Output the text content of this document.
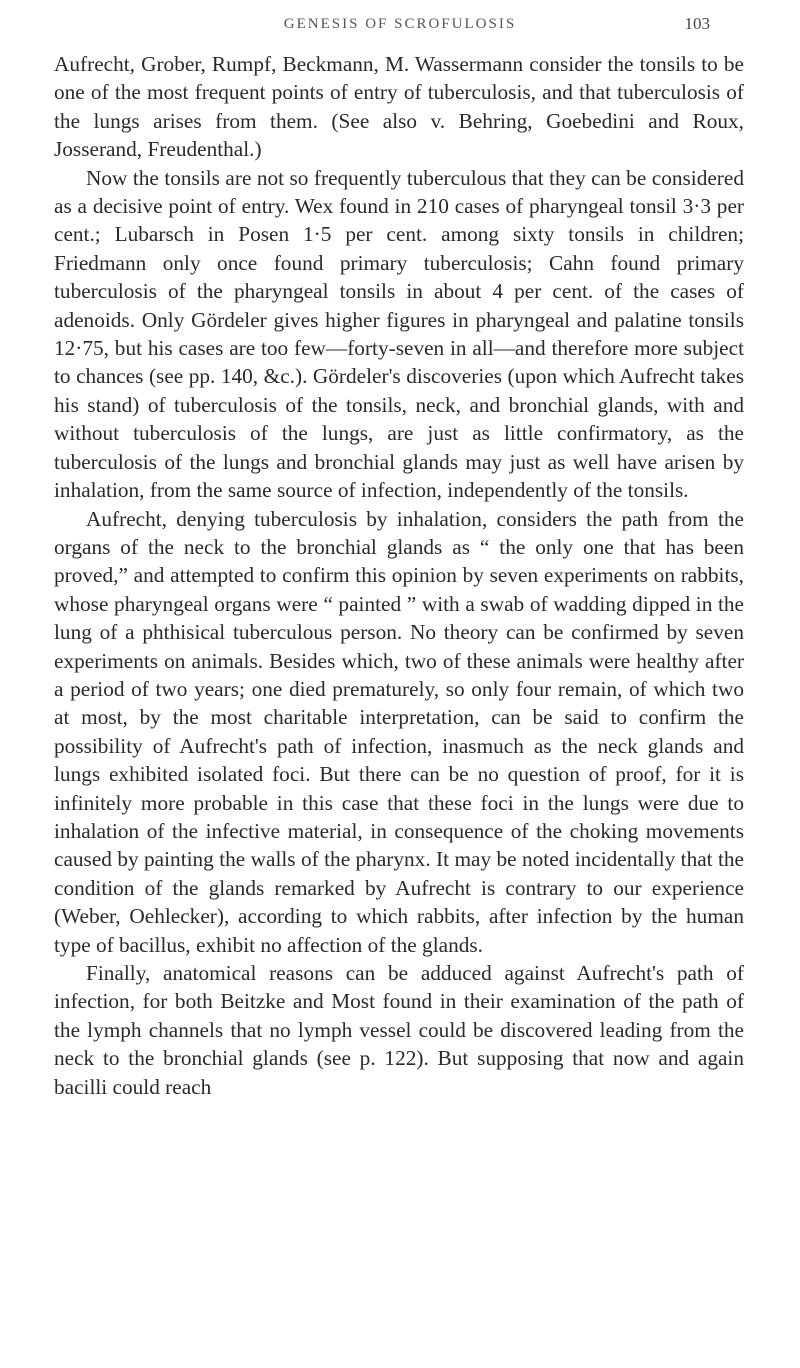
GENESIS OF SCROFULOSIS	103

Aufrecht, Grober, Rumpf, Beckmann, M. Wassermann consider the tonsils to be one of the most frequent points of entry of tuberculosis, and that tuberculosis of the lungs arises from them. (See also v. Behring, Goebedini and Roux, Josserand, Freudenthal.)

Now the tonsils are not so frequently tuberculous that they can be considered as a decisive point of entry. Wex found in 210 cases of pharyngeal tonsil 3·3 per cent.; Lubarsch in Posen 1·5 per cent. among sixty tonsils in children; Friedmann only once found primary tuberculosis; Cahn found primary tuberculosis of the pharyngeal tonsils in about 4 per cent. of the cases of adenoids. Only Gördeler gives higher figures in pharyngeal and palatine tonsils 12·75, but his cases are too few—forty-seven in all—and therefore more subject to chances (see pp. 140, &c.). Gördeler's discoveries (upon which Aufrecht takes his stand) of tuberculosis of the tonsils, neck, and bronchial glands, with and without tuberculosis of the lungs, are just as little confirmatory, as the tuberculosis of the lungs and bronchial glands may just as well have arisen by inhalation, from the same source of infection, independently of the tonsils.

Aufrecht, denying tuberculosis by inhalation, considers the path from the organs of the neck to the bronchial glands as “ the only one that has been proved,” and attempted to confirm this opinion by seven experiments on rabbits, whose pharyngeal organs were “ painted ” with a swab of wadding dipped in the lung of a phthisical tuberculous person. No theory can be confirmed by seven experiments on animals. Besides which, two of these animals were healthy after a period of two years; one died prematurely, so only four remain, of which two at most, by the most charitable interpretation, can be said to confirm the possibility of Aufrecht's path of infection, inasmuch as the neck glands and lungs exhibited isolated foci. But there can be no question of proof, for it is infinitely more probable in this case that these foci in the lungs were due to inhalation of the infective material, in consequence of the choking movements caused by painting the walls of the pharynx. It may be noted incidentally that the condition of the glands remarked by Aufrecht is contrary to our experience (Weber, Oehlecker), according to which rabbits, after infection by the human type of bacillus, exhibit no affection of the glands.

Finally, anatomical reasons can be adduced against Aufrecht's path of infection, for both Beitzke and Most found in their examination of the path of the lymph channels that no lymph vessel could be discovered leading from the neck to the bronchial glands (see p. 122). But supposing that now and again bacilli could reach
